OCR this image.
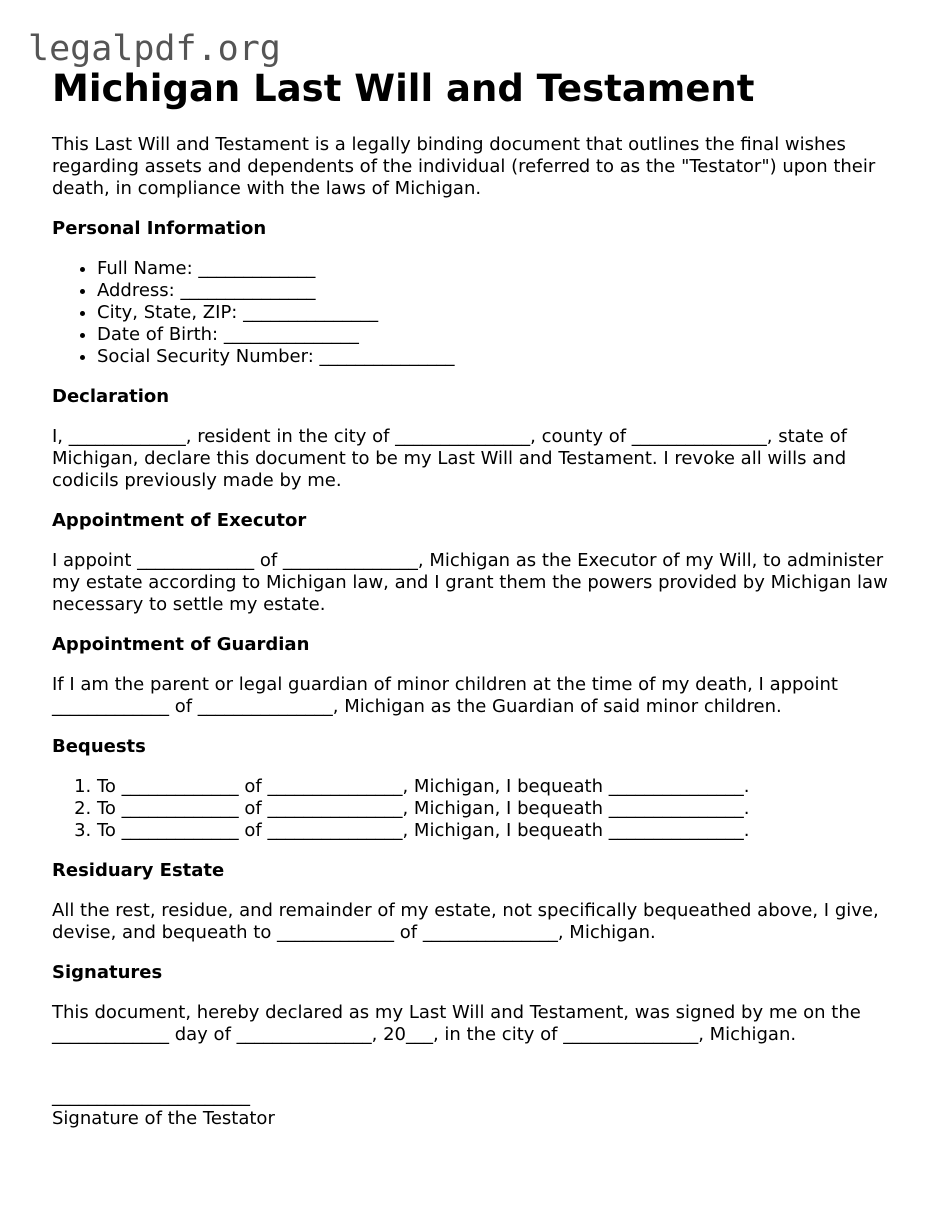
legalpdf.org
Michigan Last Will and Testament

This Last Will and Testament is a legally binding document that outlines the final wishes regarding assets and dependents of the individual (referred to as the "Testator") upon their death, in compliance with the laws of Michigan.

Personal Information
• Full Name: _____________
• Address: _______________
• City, State, ZIP: _______________
• Date of Birth: _______________
• Social Security Number: _______________
Declaration

I, _____________, resident in the city of _______________, county of _______________, state of Michigan, declare this document to be my Last Will and Testament. I revoke all wills and codicils previously made by me.

Appointment of Executor

I appoint _____________ of _______________, Michigan as the Executor of my Will, to administer my estate according to Michigan law, and I grant them the powers provided by Michigan law necessary to settle my estate.

Appointment of Guardian

If I am the parent or legal guardian of minor children at the time of my death, I appoint _____________ of _______________, Michigan as the Guardian of said minor children.

Bequests
1. To _____________ of _______________, Michigan, I bequeath _______________.
2. To _____________ of _______________, Michigan, I bequeath _______________.
3. To _____________ of _______________, Michigan, I bequeath _______________.
Residuary Estate

All the rest, residue, and remainder of my estate, not specifically bequeathed above, I give, devise, and bequeath to _____________ of _______________, Michigan.

Signatures

This document, hereby declared as my Last Will and Testament, was signed by me on the _____________ day of _______________, 20___, in the city of _______________, Michigan.

______________________

Signature of the Testator
